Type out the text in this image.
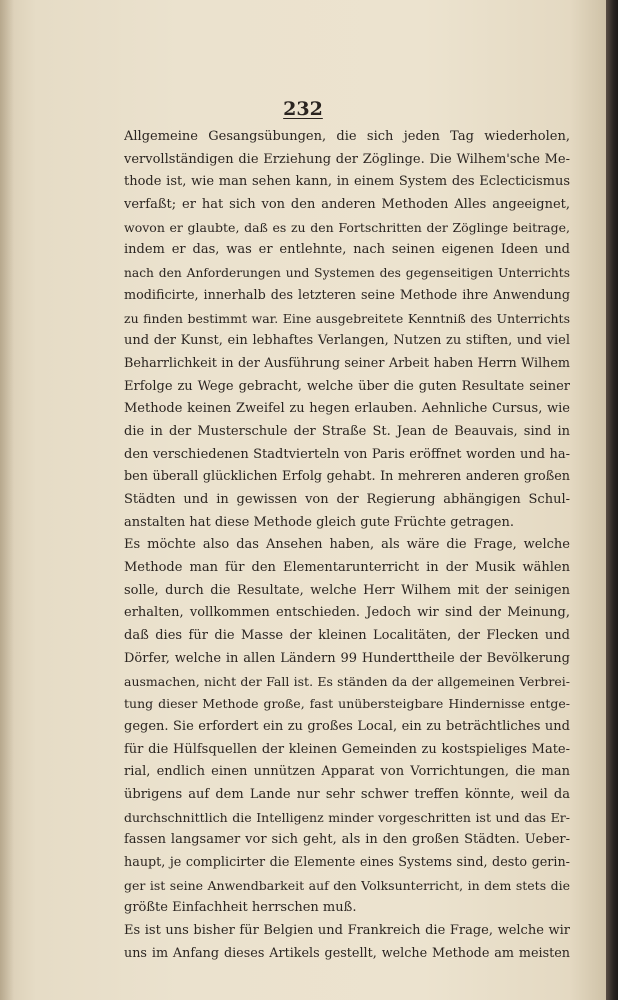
232
Allgemeine Gesangsübungen, die sich jeden Tag wiederholen,
vervollständigen die Erziehung der Zöglinge. Die Wilhem'sche Me-
thode ist, wie man sehen kann, in einem System des Eclecticismus
verfaßt; er hat sich von den anderen Methoden Alles angeeignet,
wovon er glaubte, daß es zu den Fortschritten der Zöglinge beitrage,
indem er das, was er entlehnte, nach seinen eigenen Ideen und
nach den Anforderungen und Systemen des gegenseitigen Unterrichts
modificirte, innerhalb des letzteren seine Methode ihre Anwendung
zu finden bestimmt war. Eine ausgebreitete Kenntniß des Unterrichts
und der Kunst, ein lebhaftes Verlangen, Nutzen zu stiften, und viel
Beharrlichkeit in der Ausführung seiner Arbeit haben Herrn Wilhem
Erfolge zu Wege gebracht, welche über die guten Resultate seiner
Methode keinen Zweifel zu hegen erlauben. Aehnliche Cursus, wie
die in der Musterschule der Straße St. Jean de Beauvais, sind in
den verschiedenen Stadtvierteln von Paris eröffnet worden und ha-
ben überall glücklichen Erfolg gehabt. In mehreren anderen großen
Städten und in gewissen von der Regierung abhängigen Schul-
anstalten hat diese Methode gleich gute Früchte getragen.
Es möchte also das Ansehen haben, als wäre die Frage, welche
Methode man für den Elementarunterricht in der Musik wählen
solle, durch die Resultate, welche Herr Wilhem mit der seinigen
erhalten, vollkommen entschieden. Jedoch wir sind der Meinung,
daß dies für die Masse der kleinen Localitäten, der Flecken und
Dörfer, welche in allen Ländern 99 Hunderttheile der Bevölkerung
ausmachen, nicht der Fall ist. Es ständen da der allgemeinen Verbrei-
tung dieser Methode große, fast unübersteigbare Hindernisse entge-
gegen. Sie erfordert ein zu großes Local, ein zu beträchtliches und
für die Hülfsquellen der kleinen Gemeinden zu kostspieliges Mate-
rial, endlich einen unnützen Apparat von Vorrichtungen, die man
übrigens auf dem Lande nur sehr schwer treffen könnte, weil da
durchschnittlich die Intelligenz minder vorgeschritten ist und das Er-
fassen langsamer vor sich geht, als in den großen Städten. Ueber-
haupt, je complicirter die Elemente eines Systems sind, desto gerin-
ger ist seine Anwendbarkeit auf den Volksunterricht, in dem stets die
größte Einfachheit herrschen muß.
Es ist uns bisher für Belgien und Frankreich die Frage, welche wir
uns im Anfang dieses Artikels gestellt, welche Methode am meisten
